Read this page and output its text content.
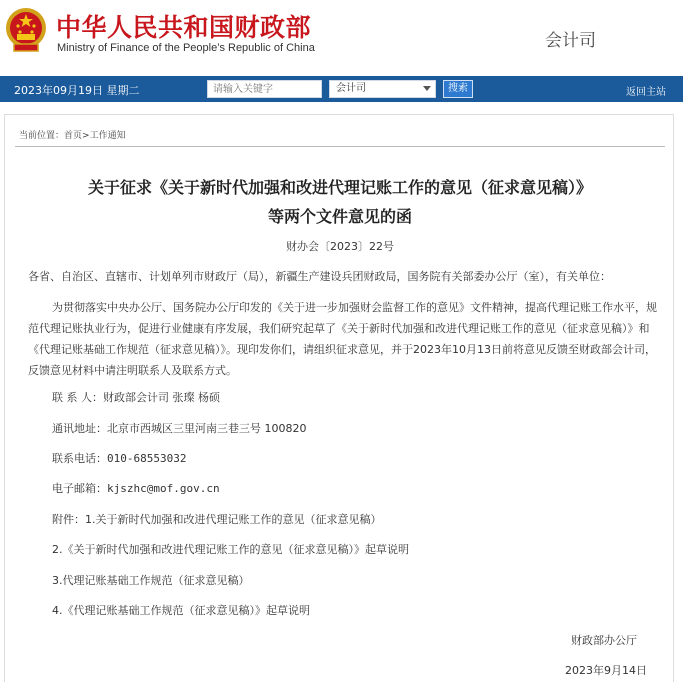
中华人民共和国财政部
Ministry of Finance of the People’s Republic of China	会计司
2023年09月19日 星期二
请输入关键字	会计司	搜索	返回主站
当前位置：首页>工作通知
关于征求《关于新时代加强和改进代理记账工作的意见（征求意见稿）》
等两个文件意见的函
财办会〔2023〕22号
各省、自治区、直辖市、计划单列市财政厅（局），新疆生产建设兵团财政局，国务院有关部委办公厅（室），有关单位：
为贯彻落实中央办公厅、国务院办公厅印发的《关于进一步加强财会监督工作的意见》文件精神，提高代理记账工作水平，规
范代理记账执业行为，促进行业健康有序发展，我们研究起草了《关于新时代加强和改进代理记账工作的意见（征求意见稿）》和
《代理记账基础工作规范（征求意见稿）》。现印发你们，请组织征求意见，并于2023年10月13日前将意见反馈至财政部会计司，
反馈意见材料中请注明联系人及联系方式。
联 系 人：财政部会计司 张璨 杨硕
通讯地址：北京市西城区三里河南三巷三号 100820
联系电话：010-68553032
电子邮箱：kjszhc@mof.gov.cn
附件：1.关于新时代加强和改进代理记账工作的意见（征求意见稿）
2.《关于新时代加强和改进代理记账工作的意见（征求意见稿）》起草说明
3.代理记账基础工作规范（征求意见稿）
4.《代理记账基础工作规范（征求意见稿）》起草说明
财政部办公厅
2023年9月14日
